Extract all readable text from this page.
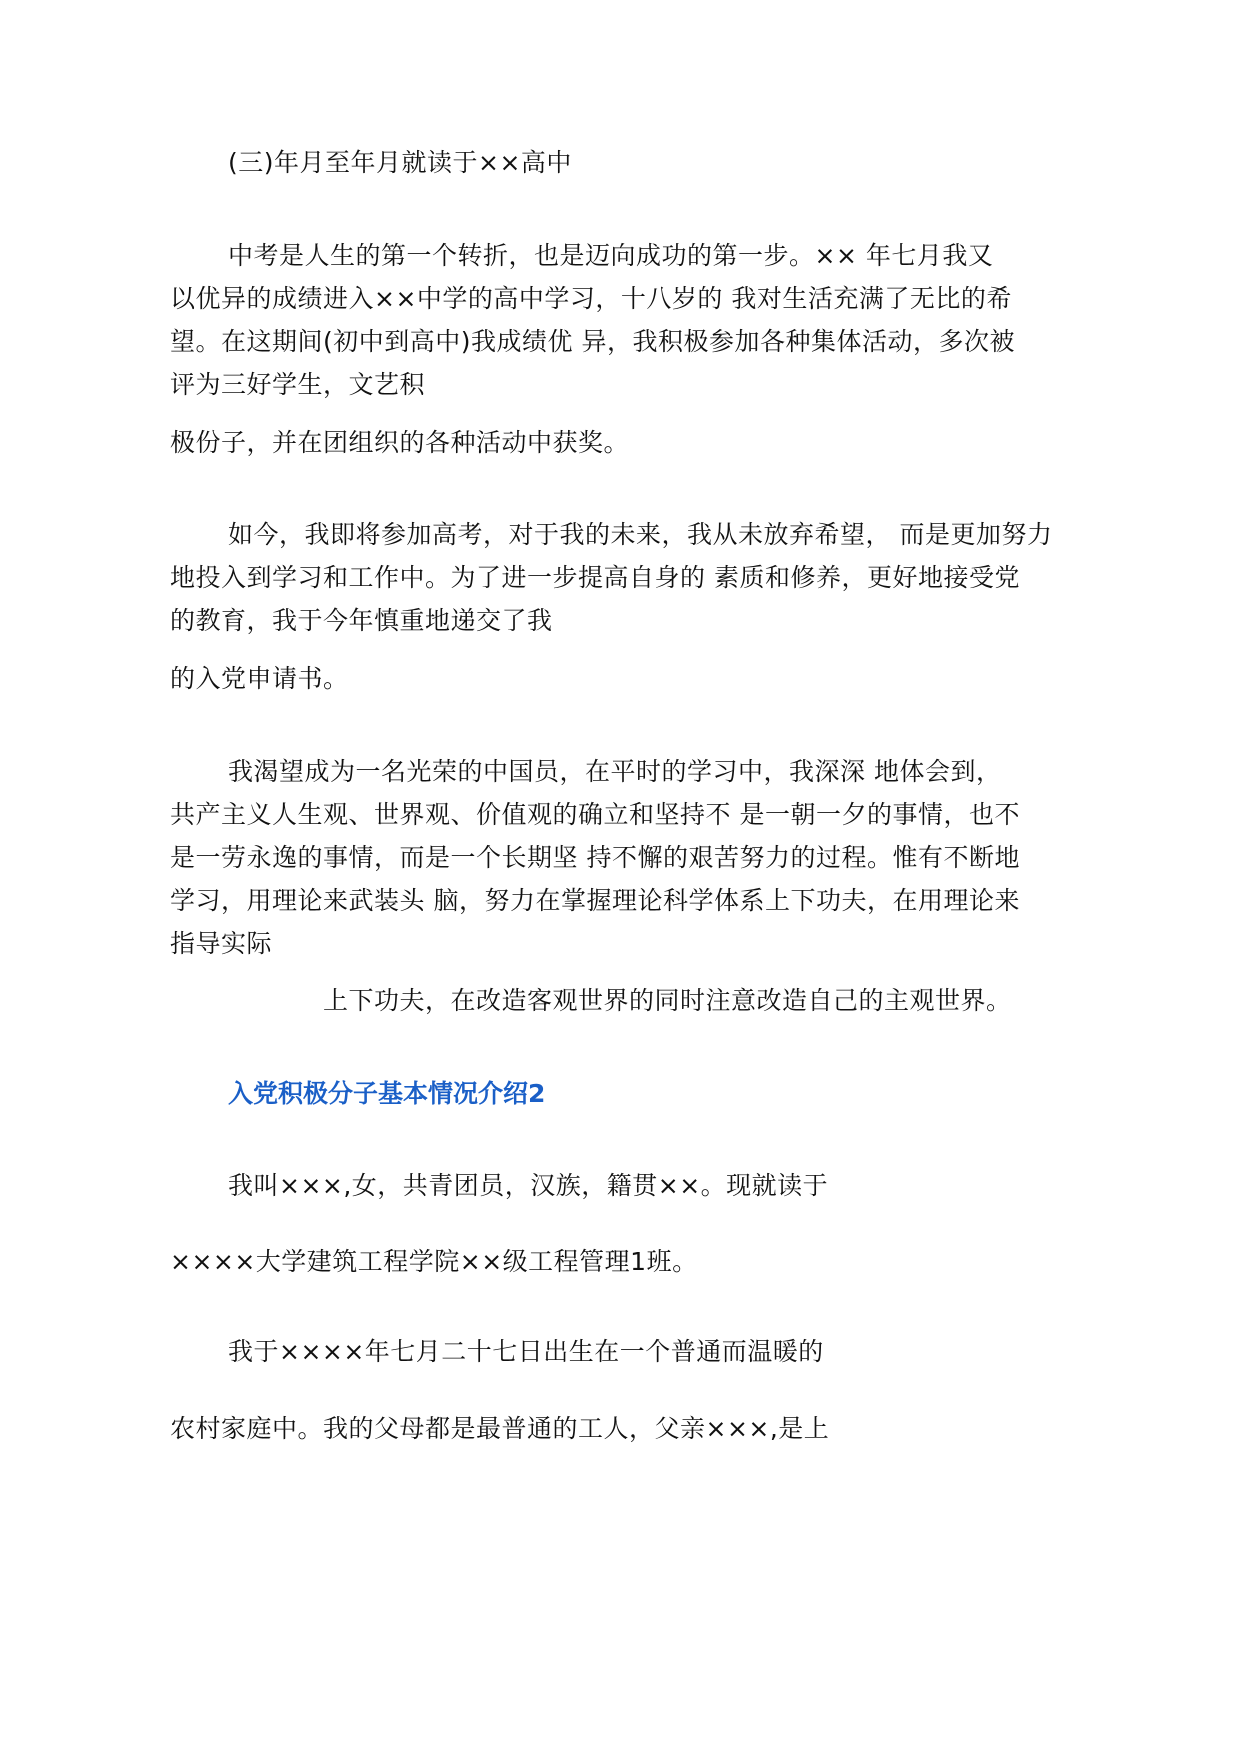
(三)年月至年月就读于××高中
中考是人生的第一个转折，也是迈向成功的第一步。×× 年七月我又
以优异的成绩进入××中学的高中学习，十八岁的 我对生活充满了无比的希
望。在这期间(初中到高中)我成绩优 异，我积极参加各种集体活动，多次被
评为三好学生，文艺积
极份子，并在团组织的各种活动中获奖。
如今，我即将参加高考，对于我的未来，我从未放弃希望， 而是更加努力
地投入到学习和工作中。为了进一步提高自身的 素质和修养，更好地接受党
的教育，我于今年慎重地递交了我
的入党申请书。
我渴望成为一名光荣的中国员，在平时的学习中，我深深 地体会到，
共产主义人生观、世界观、价值观的确立和坚持不 是一朝一夕的事情，也不
是一劳永逸的事情，而是一个长期坚 持不懈的艰苦努力的过程。惟有不断地
学习，用理论来武装头 脑，努力在掌握理论科学体系上下功夫，在用理论来
指导实际
上下功夫，在改造客观世界的同时注意改造自己的主观世界。
入党积极分子基本情况介绍2
我叫×××,女，共青团员，汉族，籍贯××。现就读于
××××大学建筑工程学院××级工程管理1班。
我于××××年七月二十七日出生在一个普通而温暖的
农村家庭中。我的父母都是最普通的工人，父亲×××,是上
